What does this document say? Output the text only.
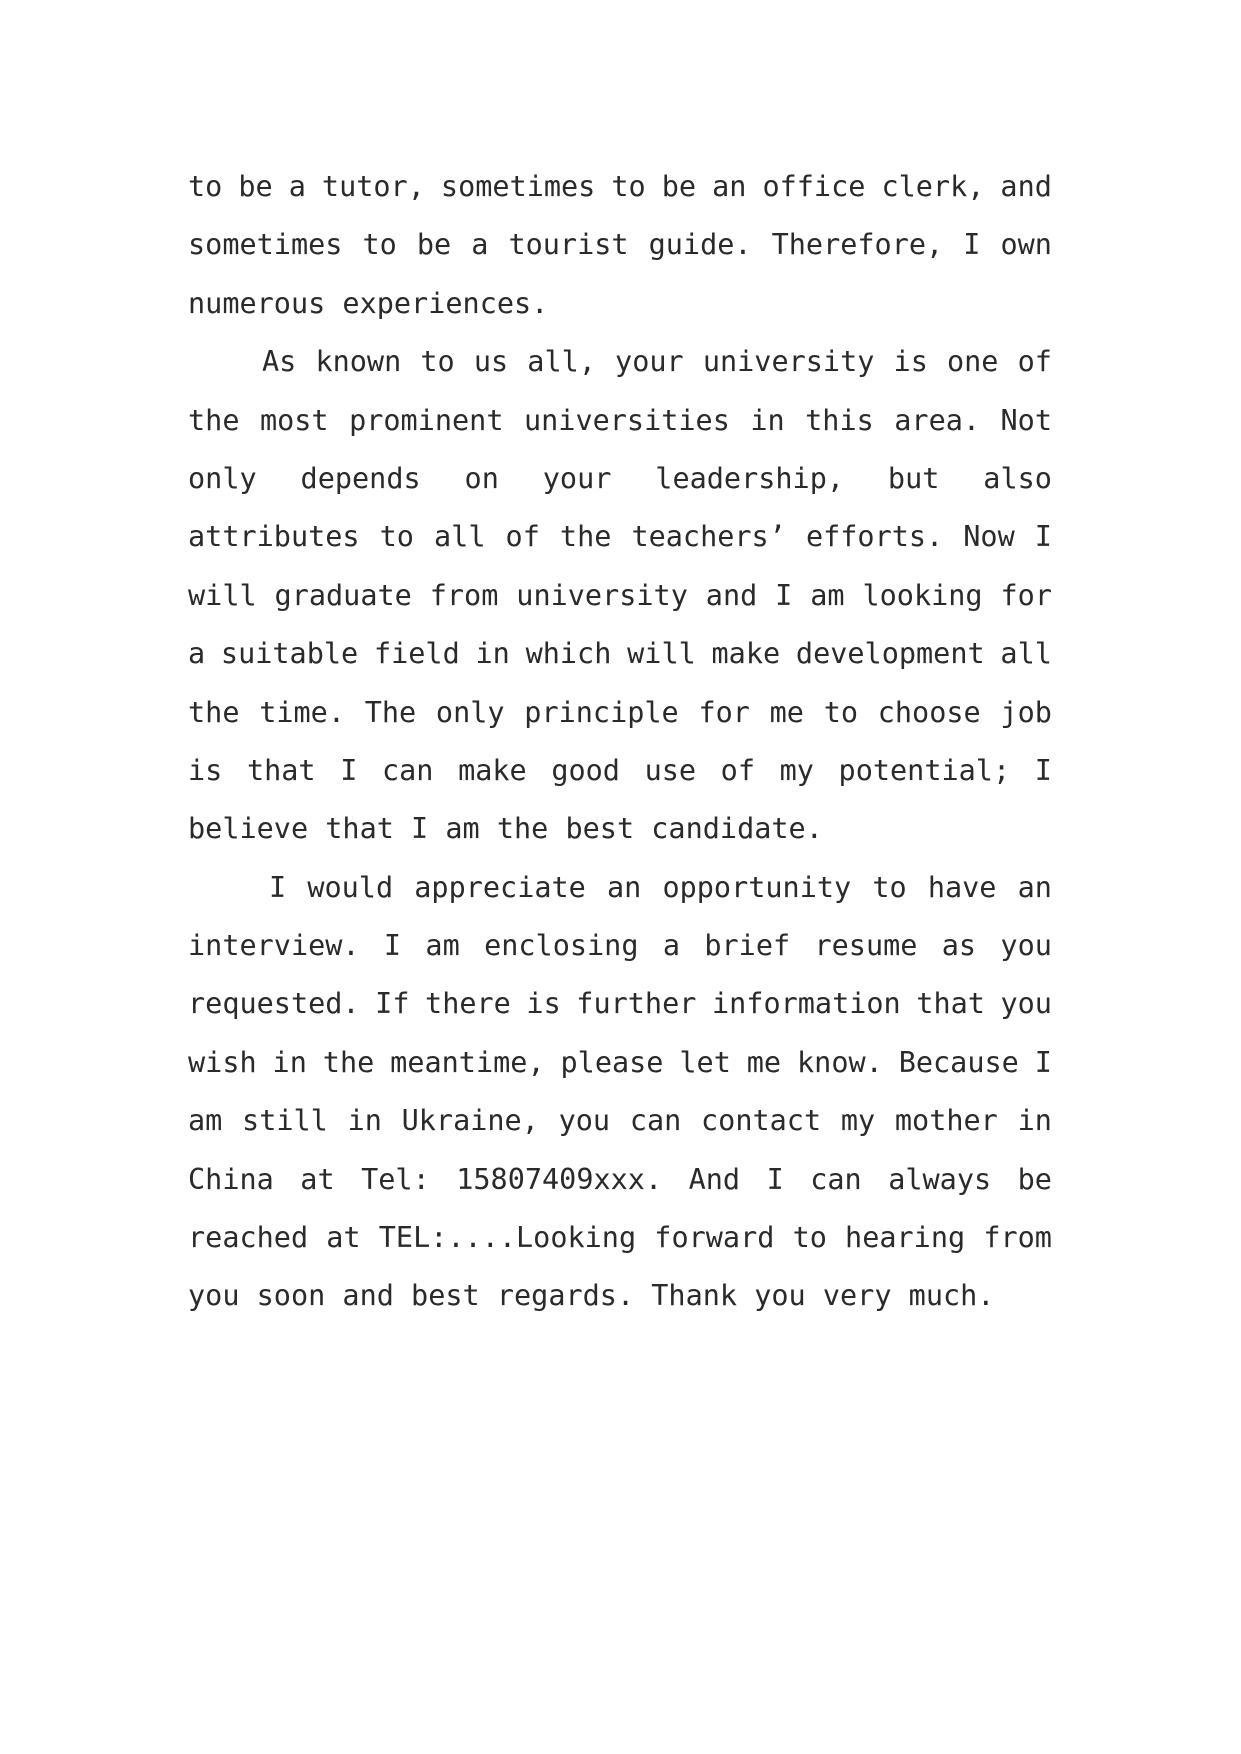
to be a tutor, sometimes to be an office clerk, and
sometimes to be a tourist guide. Therefore, I own
numerous experiences.
As known to us all, your university is one of
the most prominent universities in this area. Not
only depends on your leadership, but also
attributes to all of the teachers’ efforts. Now I
will graduate from university and I am looking for
a suitable field in which will make development all
the time. The only principle for me to choose job
is that I can make good use of my potential; I
believe that I am the best candidate.
I would appreciate an opportunity to have an
interview. I am enclosing a brief resume as you
requested. If there is further information that you
wish in the meantime, please let me know. Because I
am still in Ukraine, you can contact my mother in
China at Tel: 15807409xxx. And I can always be
reached at TEL:....Looking forward to hearing from
you soon and best regards. Thank you very much.
